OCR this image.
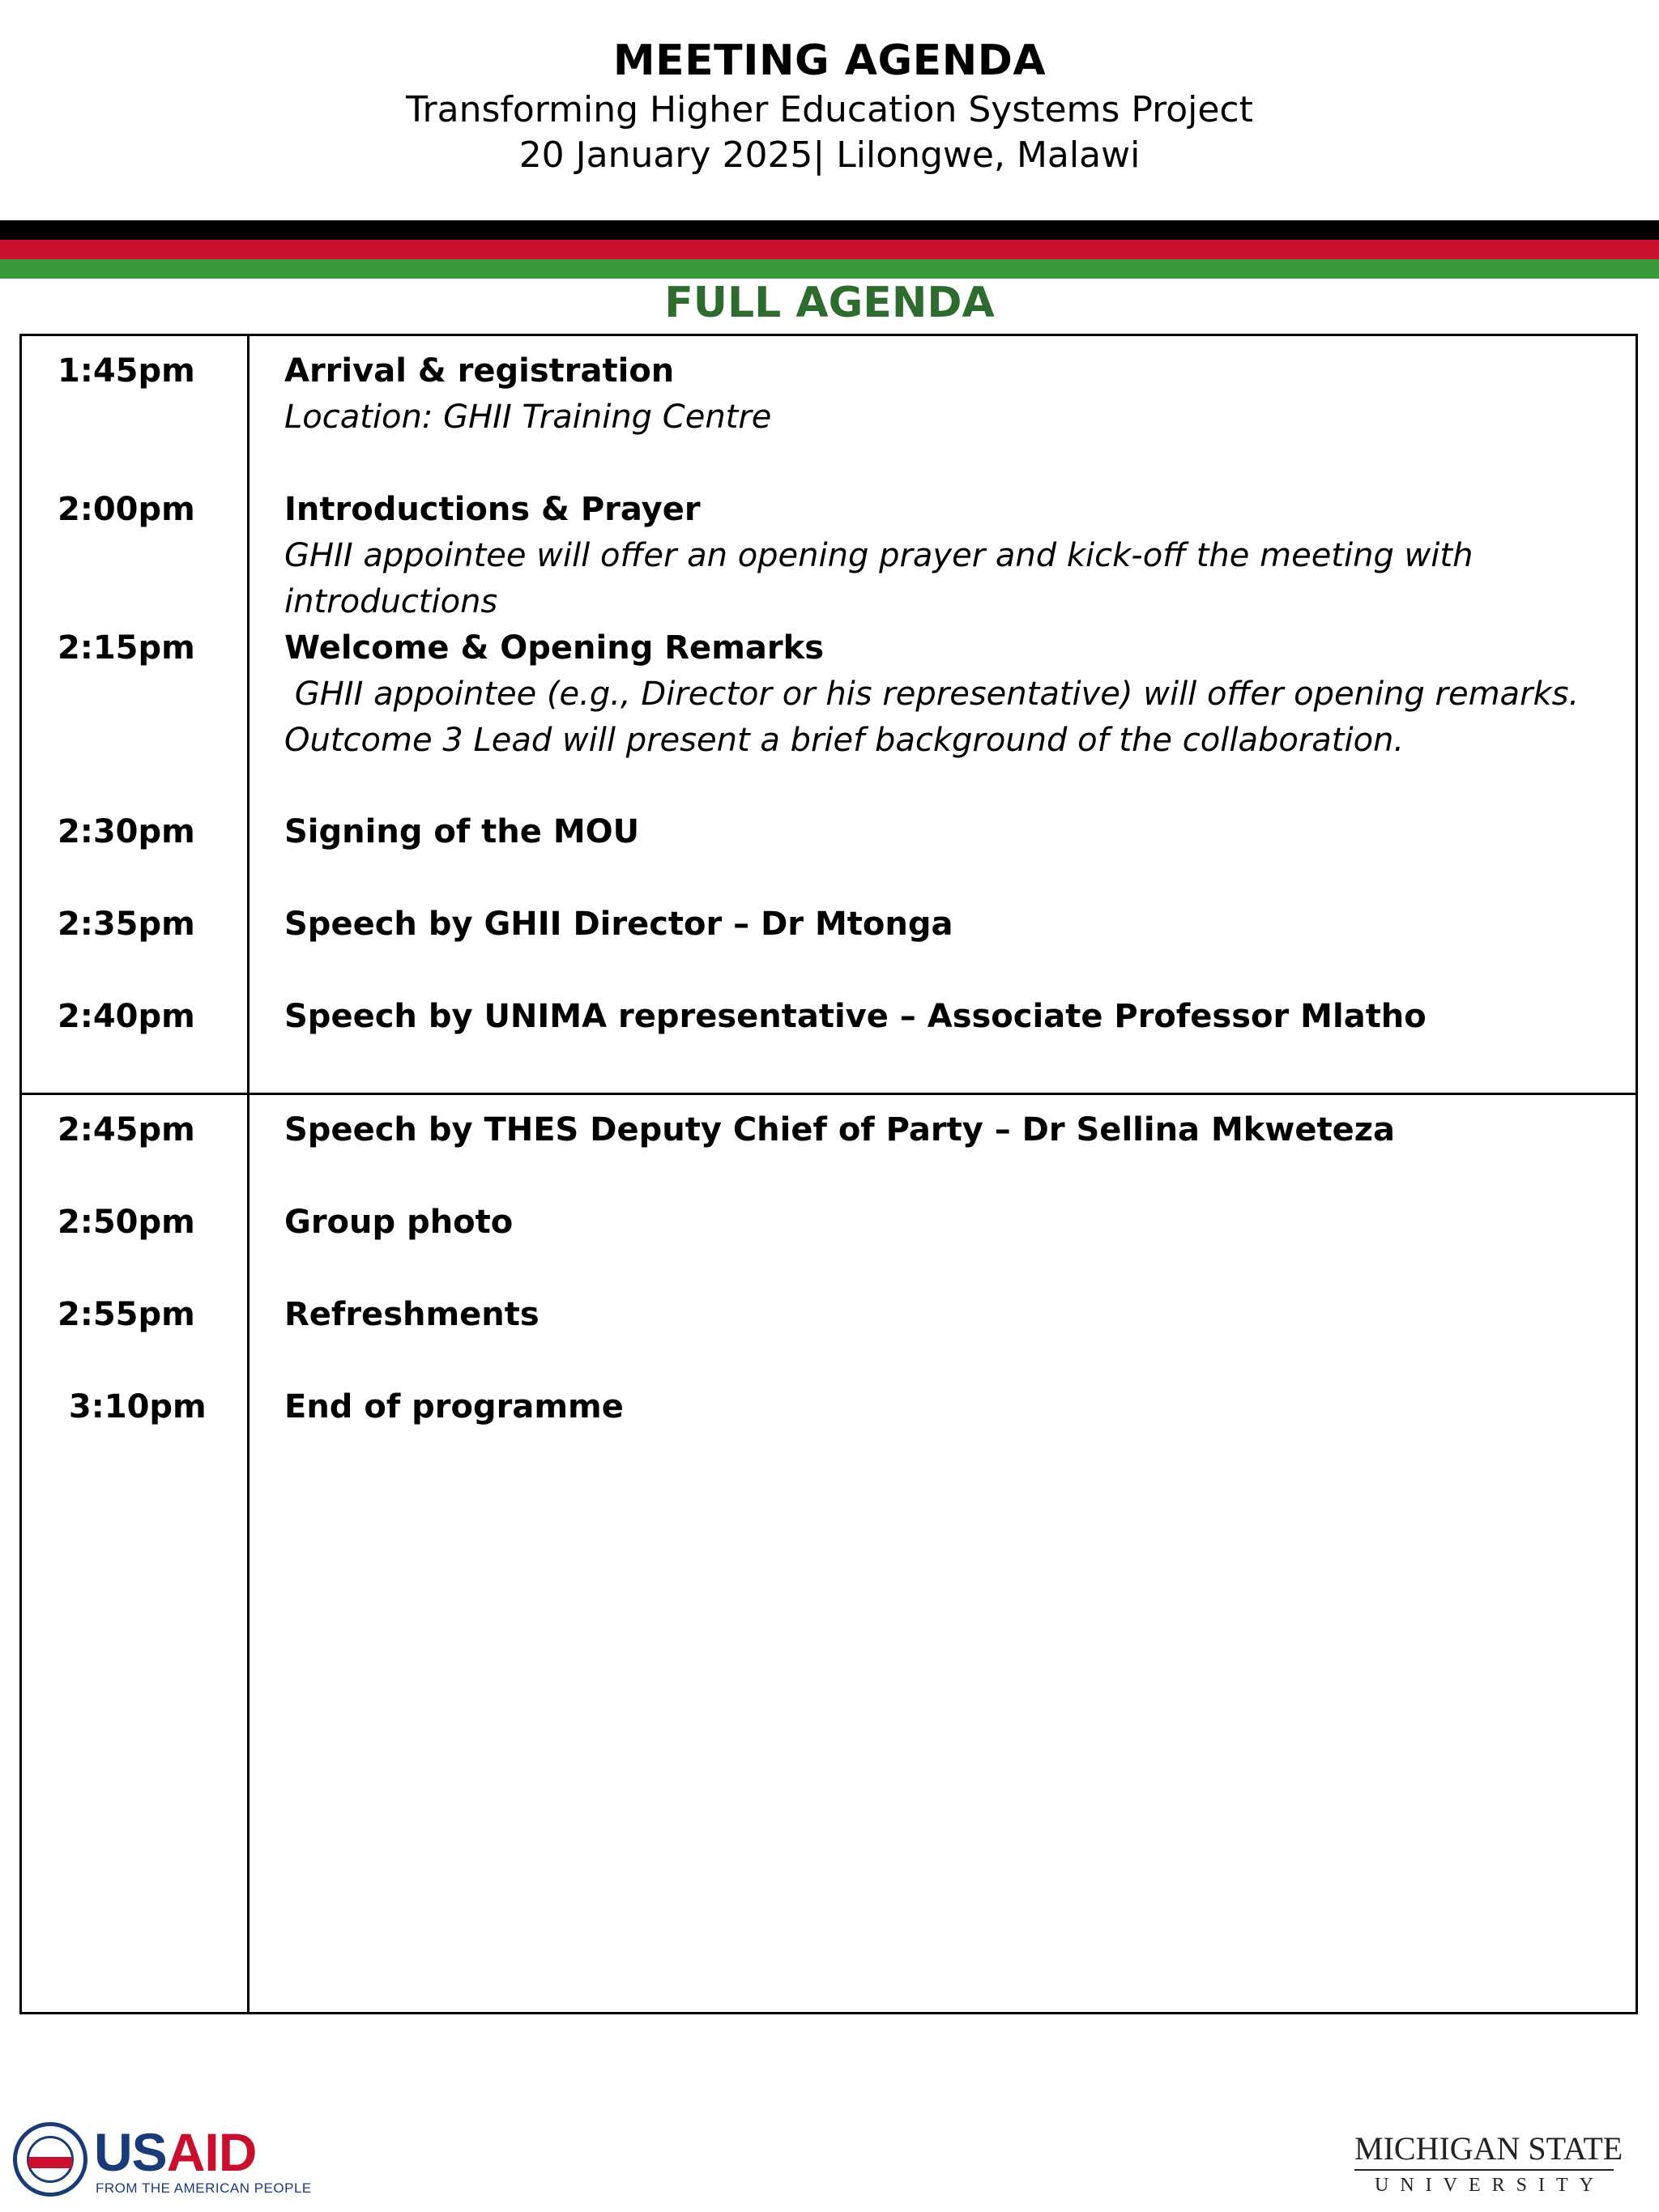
MEETING AGENDA
Transforming Higher Education Systems Project
20 January 2025| Lilongwe, Malawi
FULL AGENDA
1:45pm	Arrival & registration
Location: GHII Training Centre
2:00pm	Introductions & Prayer
GHII appointee will offer an opening prayer and kick-off the meeting with introductions
2:15pm	Welcome & Opening Remarks
GHII appointee (e.g., Director or his representative) will offer opening remarks.
Outcome 3 Lead will present a brief background of the collaboration.
2:30pm	Signing of the MOU
2:35pm	Speech by GHII Director – Dr Mtonga
2:40pm	Speech by UNIMA representative – Associate Professor Mlatho
2:45pm	Speech by THES Deputy Chief of Party – Dr Sellina Mkweteza
2:50pm	Group photo
2:55pm	Refreshments
3:10pm End of programme
USAID
FROM THE AMERICAN PEOPLE
MICHIGAN STATE
UNIVERSITY
